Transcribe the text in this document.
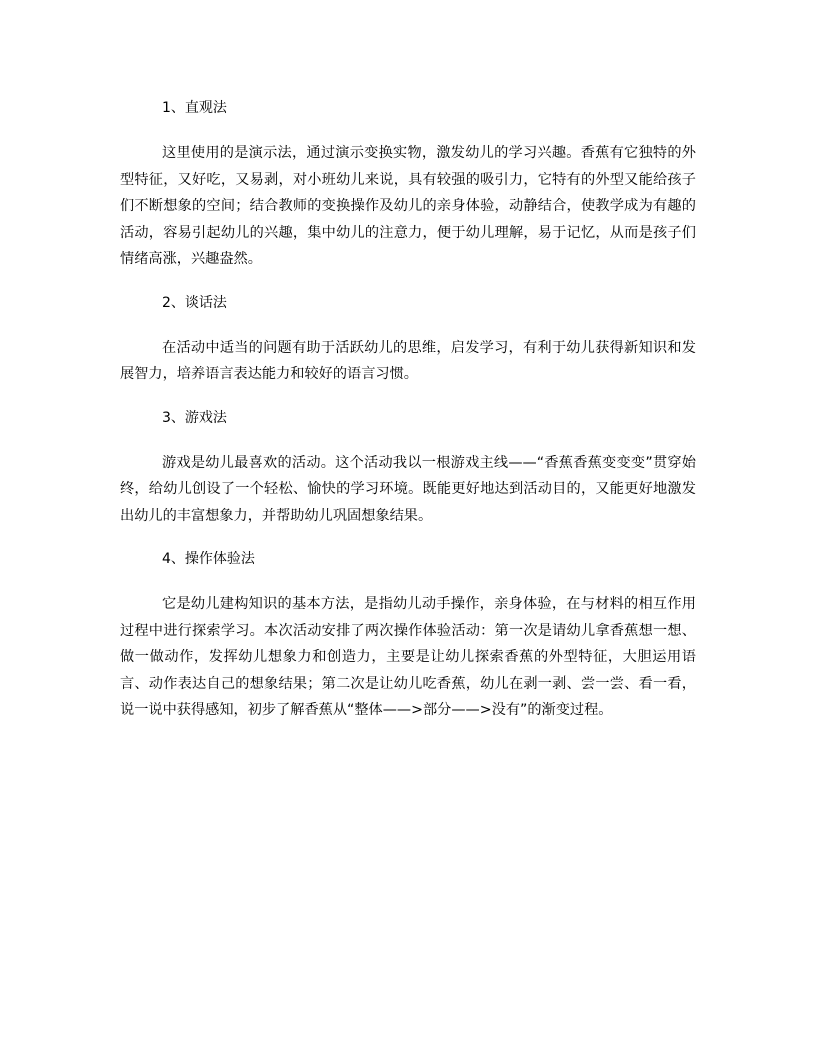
1、直观法

这里使用的是演示法，通过演示变换实物，激发幼儿的学习兴趣。香蕉有它独特的外型特征，又好吃，又易剥，对小班幼儿来说，具有较强的吸引力，它特有的外型又能给孩子们不断想象的空间；结合教师的变换操作及幼儿的亲身体验，动静结合，使教学成为有趣的活动，容易引起幼儿的兴趣，集中幼儿的注意力，便于幼儿理解，易于记忆，从而是孩子们情绪高涨，兴趣盎然。

2、谈话法

在活动中适当的问题有助于活跃幼儿的思维，启发学习，有利于幼儿获得新知识和发展智力，培养语言表达能力和较好的语言习惯。

3、游戏法

游戏是幼儿最喜欢的活动。这个活动我以一根游戏主线——“香蕉香蕉变变变”贯穿始终，给幼儿创设了一个轻松、愉快的学习环境。既能更好地达到活动目的，又能更好地激发出幼儿的丰富想象力，并帮助幼儿巩固想象结果。

4、操作体验法

它是幼儿建构知识的基本方法，是指幼儿动手操作，亲身体验，在与材料的相互作用过程中进行探索学习。本次活动安排了两次操作体验活动：第一次是请幼儿拿香蕉想一想、做一做动作，发挥幼儿想象力和创造力，主要是让幼儿探索香蕉的外型特征，大胆运用语言、动作表达自己的想象结果；第二次是让幼儿吃香蕉，幼儿在剥一剥、尝一尝、看一看，说一说中获得感知，初步了解香蕉从“整体——>部分——>没有”的渐变过程。
